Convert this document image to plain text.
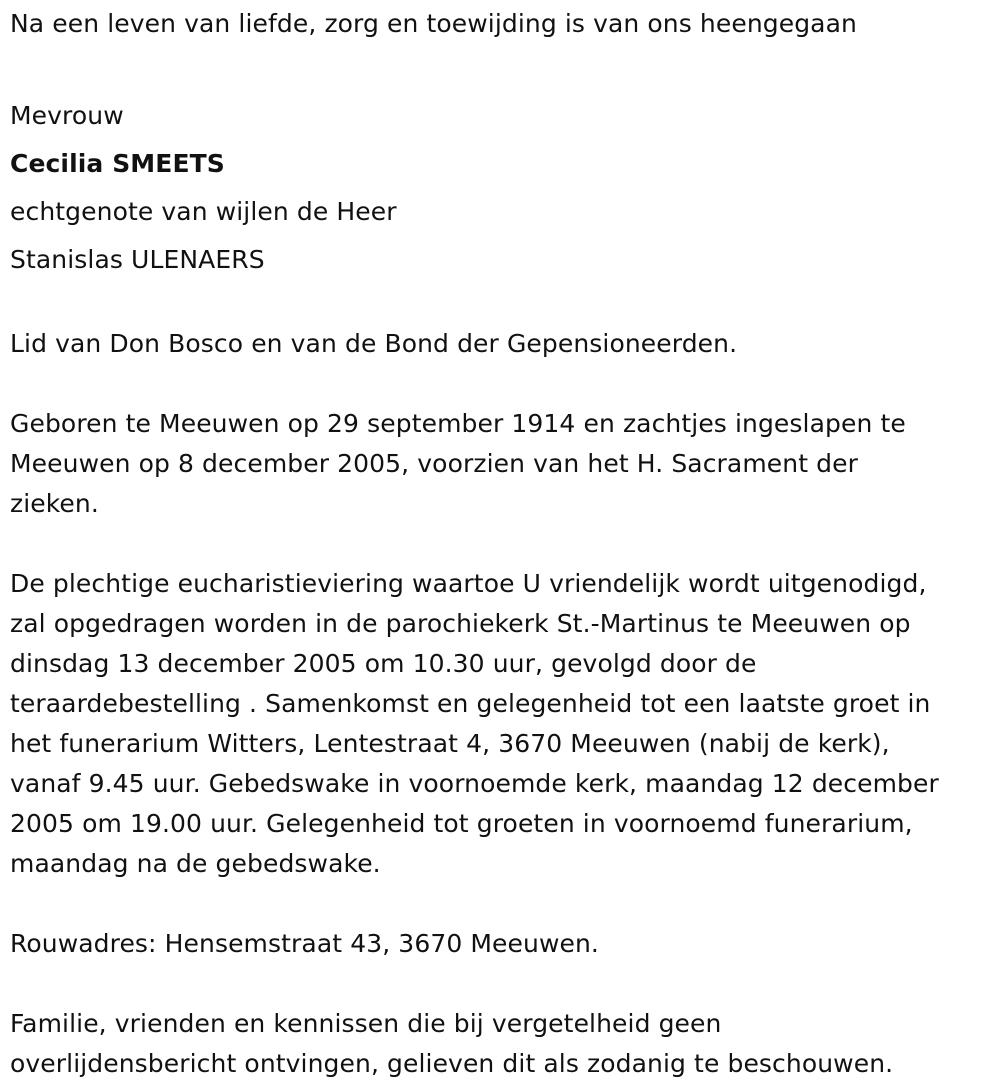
Na een leven van liefde, zorg en toewijding is van ons heengegaan
Mevrouw
Cecilia SMEETS
echtgenote van wijlen de Heer
Stanislas ULENAERS
Lid van Don Bosco en van de Bond der Gepensioneerden.
Geboren te Meeuwen op 29 september 1914 en zachtjes ingeslapen te
Meeuwen op 8 december 2005, voorzien van het H. Sacrament der
zieken.
De plechtige eucharistieviering waartoe U vriendelijk wordt uitgenodigd,
zal opgedragen worden in de parochiekerk St.-Martinus te Meeuwen op
dinsdag 13 december 2005 om 10.30 uur, gevolgd door de
teraardebestelling . Samenkomst en gelegenheid tot een laatste groet in
het funerarium Witters, Lentestraat 4, 3670 Meeuwen (nabij de kerk),
vanaf 9.45 uur. Gebedswake in voornoemde kerk, maandag 12 december
2005 om 19.00 uur. Gelegenheid tot groeten in voornoemd funerarium,
maandag na de gebedswake.
Rouwadres: Hensemstraat 43, 3670 Meeuwen.
Familie, vrienden en kennissen die bij vergetelheid geen
overlijdensbericht ontvingen, gelieven dit als zodanig te beschouwen.
